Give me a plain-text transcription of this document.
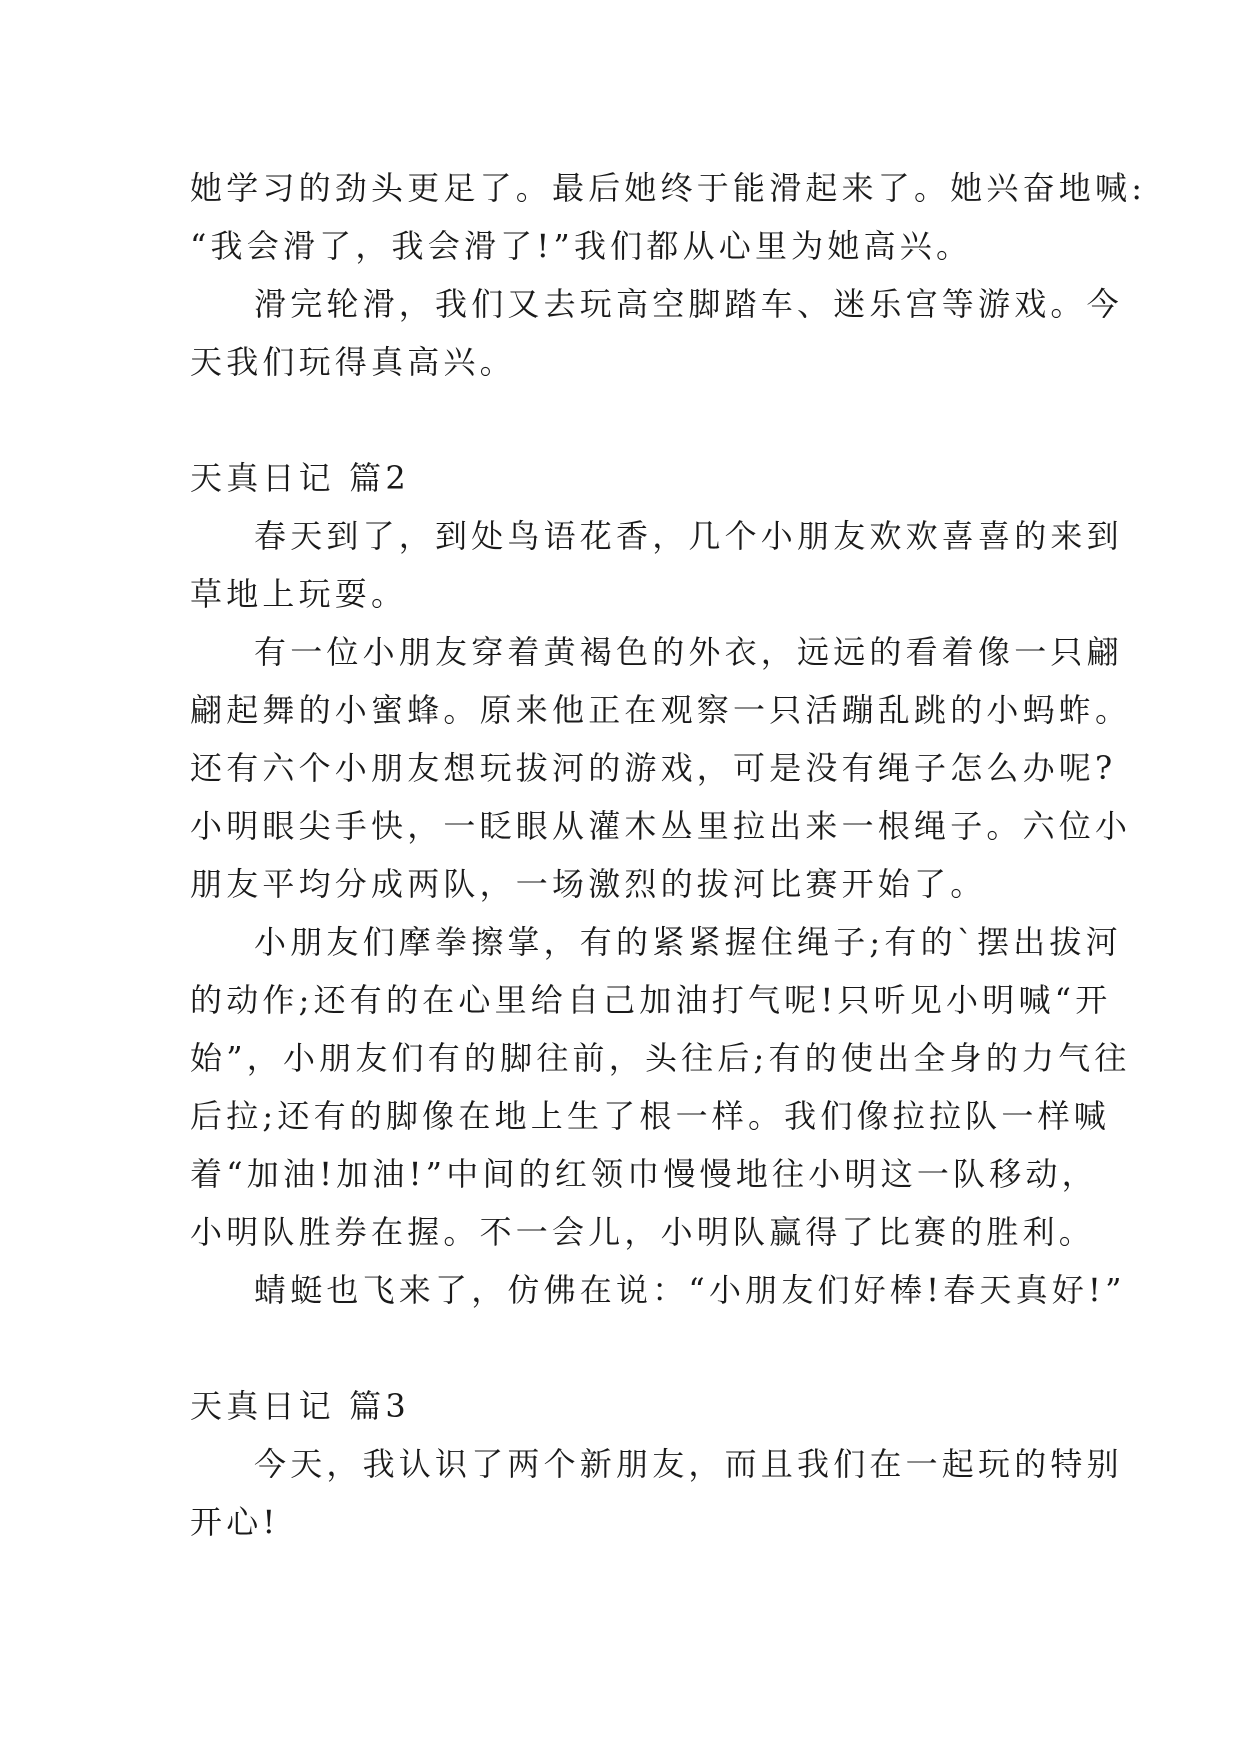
她学习的劲头更足了。最后她终于能滑起来了。她兴奋地喊:

“我会滑了，我会滑了!”我们都从心里为她高兴。

滑完轮滑，我们又去玩高空脚踏车、迷乐宫等游戏。今

天我们玩得真高兴。

天真日记 篇2

春天到了，到处鸟语花香，几个小朋友欢欢喜喜的来到

草地上玩耍。

有一位小朋友穿着黄褐色的外衣，远远的看着像一只翩

翩起舞的小蜜蜂。原来他正在观察一只活蹦乱跳的小蚂蚱。

还有六个小朋友想玩拔河的游戏，可是没有绳子怎么办呢?

小明眼尖手快，一眨眼从灌木丛里拉出来一根绳子。六位小

朋友平均分成两队，一场激烈的拔河比赛开始了。

小朋友们摩拳擦掌，有的紧紧握住绳子;有的`摆出拔河

的动作;还有的在心里给自己加油打气呢!只听见小明喊“开

始”，小朋友们有的脚往前，头往后;有的使出全身的力气往

后拉;还有的脚像在地上生了根一样。我们像拉拉队一样喊

着“加油!加油!”中间的红领巾慢慢地往小明这一队移动，

小明队胜券在握。不一会儿，小明队赢得了比赛的胜利。

蜻蜓也飞来了，仿佛在说：“小朋友们好棒!春天真好!”

天真日记 篇3

今天，我认识了两个新朋友，而且我们在一起玩的特别

开心!
